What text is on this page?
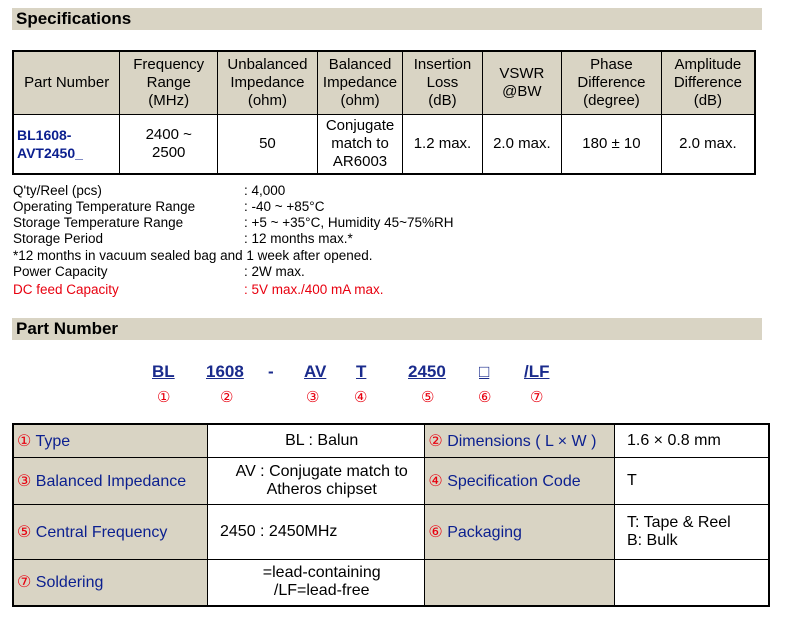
Specifications
Part Number	Frequency
Range
(MHz)	Unbalanced
Impedance
(ohm)	Balanced
Impedance
(ohm)	Insertion
Loss
(dB)	VSWR
@BW	Phase
Difference
(degree)	Amplitude
Difference
(dB)
BL1608-
AVT2450_	2400 ~
2500	50	Conjugate
match to
AR6003	1.2 max.	2.0 max.	180 ± 10	2.0 max.
Q'ty/Reel (pcs)	: 4,000
Operating Temperature Range	: -40 ~ +85°C
Storage Temperature Range	: +5 ~ +35°C, Humidity 45~75%RH
Storage Period	: 12 months max.*
*12 months in vacuum sealed bag and 1 week after opened.
Power Capacity	: 2W max.
DC feed Capacity	: 5V max./400 mA max.
Part Number
BL 1608 - AV T 2450 □ /LF
①	②	③ ④	⑤	⑥	⑦
① Type	BL : Balun	② Dimensions ( L × W )	1.6 × 0.8 mm
③ Balanced Impedance	AV : Conjugate match to
Atheros chipset	④ Specification Code	T
⑤ Central Frequency	2450 : 2450MHz	⑥ Packaging	T: Tape & Reel
B: Bulk
⑦ Soldering	=lead-containing
/LF=lead-free		
